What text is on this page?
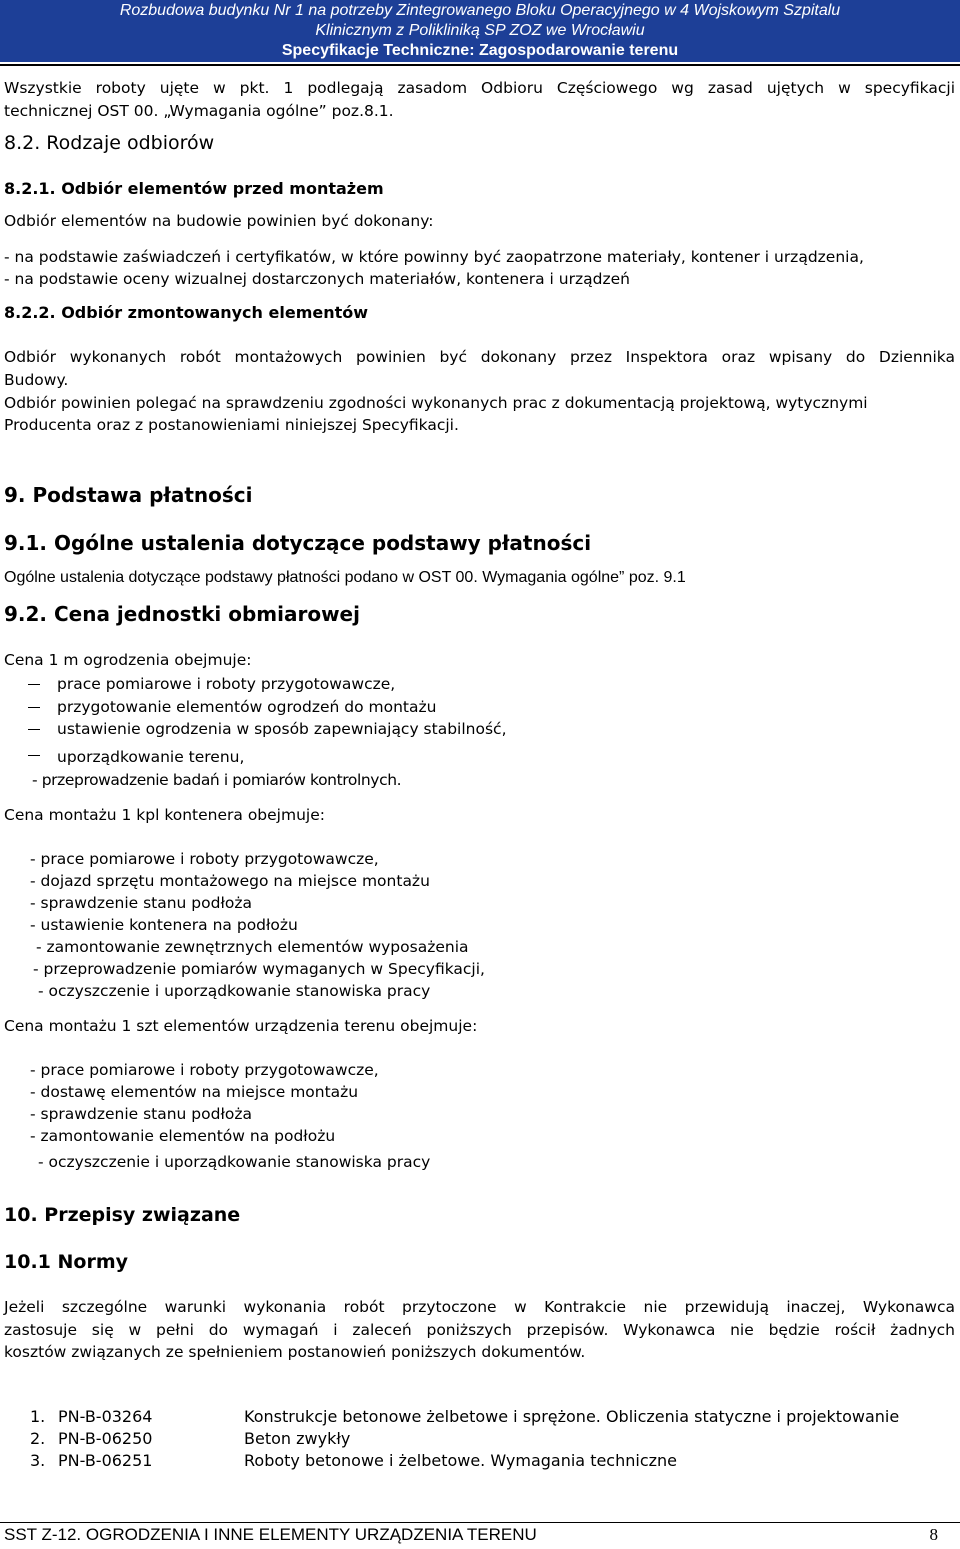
Rozbudowa budynku Nr 1 na potrzeby Zintegrowanego Bloku Operacyjnego w 4 Wojskowym Szpitalu
Klinicznym z Polikliniką SP ZOZ we Wrocławiu
Specyfikacje Techniczne: Zagospodarowanie terenu
Wszystkie roboty ujęte w pkt. 1 podlegają zasadom Odbioru Częściowego wg zasad ujętych w specyfikacji
technicznej OST 00. „Wymagania ogólne” poz.8.1.
8.2. Rodzaje odbiorów
8.2.1. Odbiór elementów przed montażem
Odbiór elementów na budowie powinien być dokonany:
- na podstawie zaświadczeń i certyfikatów, w które powinny być zaopatrzone materiały, kontener i urządzenia,
- na podstawie oceny wizualnej dostarczonych materiałów, kontenera i urządzeń
8.2.2. Odbiór zmontowanych elementów
Odbiór wykonanych robót montażowych powinien być dokonany przez Inspektora oraz wpisany do Dziennika
Budowy.
Odbiór powinien polegać na sprawdzeniu zgodności wykonanych prac z dokumentacją projektową, wytycznymi
Producenta oraz z postanowieniami niniejszej Specyfikacji.
9. Podstawa płatności
9.1. Ogólne ustalenia dotyczące podstawy płatności
Ogólne ustalenia dotyczące podstawy płatności podano w OST 00. Wymagania ogólne” poz. 9.1
9.2. Cena jednostki obmiarowej
Cena 1 m ogrodzenia obejmuje:
prace pomiarowe i roboty przygotowawcze,
przygotowanie elementów ogrodzeń do montażu
ustawienie ogrodzenia w sposób zapewniający stabilność,
uporządkowanie terenu,
- przeprowadzenie badań i pomiarów kontrolnych.
Cena montażu 1 kpl kontenera obejmuje:
- prace pomiarowe i roboty przygotowawcze,
- dojazd sprzętu montażowego na miejsce montażu
- sprawdzenie stanu podłoża
- ustawienie kontenera na podłożu
- zamontowanie zewnętrznych elementów wyposażenia
- przeprowadzenie pomiarów wymaganych w Specyfikacji,
- oczyszczenie i uporządkowanie stanowiska pracy
Cena montażu 1 szt elementów urządzenia terenu obejmuje:
- prace pomiarowe i roboty przygotowawcze,
- dostawę elementów na miejsce montażu
- sprawdzenie stanu podłoża
- zamontowanie elementów na podłożu
- oczyszczenie i uporządkowanie stanowiska pracy
10. Przepisy związane
10.1 Normy
Jeżeli szczególne warunki wykonania robót przytoczone w Kontrakcie nie przewidują inaczej, Wykonawca
zastosuje się w pełni do wymagań i zaleceń poniższych przepisów. Wykonawca nie będzie rościł żadnych
kosztów związanych ze spełnieniem postanowień poniższych dokumentów.
1. PN-B-03264	Konstrukcje betonowe żelbetowe i sprężone. Obliczenia statyczne i projektowanie
2. PN-B-06250	Beton zwykły
3. PN-B-06251	Roboty betonowe i żelbetowe. Wymagania techniczne
SST Z-12. OGRODZENIA I INNE ELEMENTY URZĄDZENIA TERENU	8
